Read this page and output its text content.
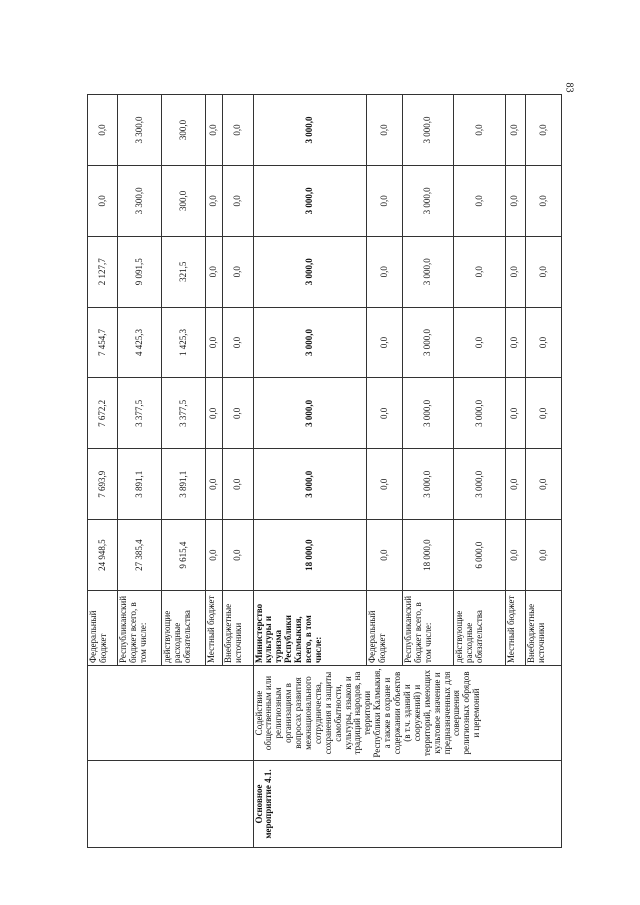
83
		Федеральный бюджет	24 948,5	7 693,9	7 672,2	7 454,7	2 127,7	0,0	0,0
		Республиканский бюджет всего, в том числе:	27 385,4	3 891,1	3 377,5	4 425,3	9 091,5	3 300,0	3 300,0
		действующие расходные обязательства	9 615,4	3 891,1	3 377,5	1 425,3	321,5	300,0	300,0
		Местный бюджет	0,0	0,0	0,0	0,0	0,0	0,0	0,0
		Внебюджетные источники	0,0	0,0	0,0	0,0	0,0	0,0	0,0
Основное мероприятие 4.1.	Содействие общественным или религиозным организациям в вопросах развития межнационального сотрудничества, сохранения и защиты самобытности, культуры, языков и традиций народов, на территории Республики Калмыкия, а также в охране и содержании объектов (в т.ч. зданий и сооружений) и территорий, имеющих культовое значение и предназначенных для совершения религиозных обрядов и церемоний	Министерство культуры и туризма Республики Калмыкия, всего, в том числе:	18 000,0	3 000,0	3 000,0	3 000,0	3 000,0	3 000,0	3 000,0
		Федеральный бюджет	0,0	0,0	0,0	0,0	0,0	0,0	0,0
		Республиканский бюджет всего, в том числе:	18 000,0	3 000,0	3 000,0	3 000,0	3 000,0	3 000,0	3 000,0
		действующие расходные обязательства	6 000,0	3 000,0	3 000,0	0,0	0,0	0,0	0,0
		Местный бюджет	0,0	0,0	0,0	0,0	0,0	0,0	0,0
		Внебюджетные источники	0,0	0,0	0,0	0,0	0,0	0,0	0,0
